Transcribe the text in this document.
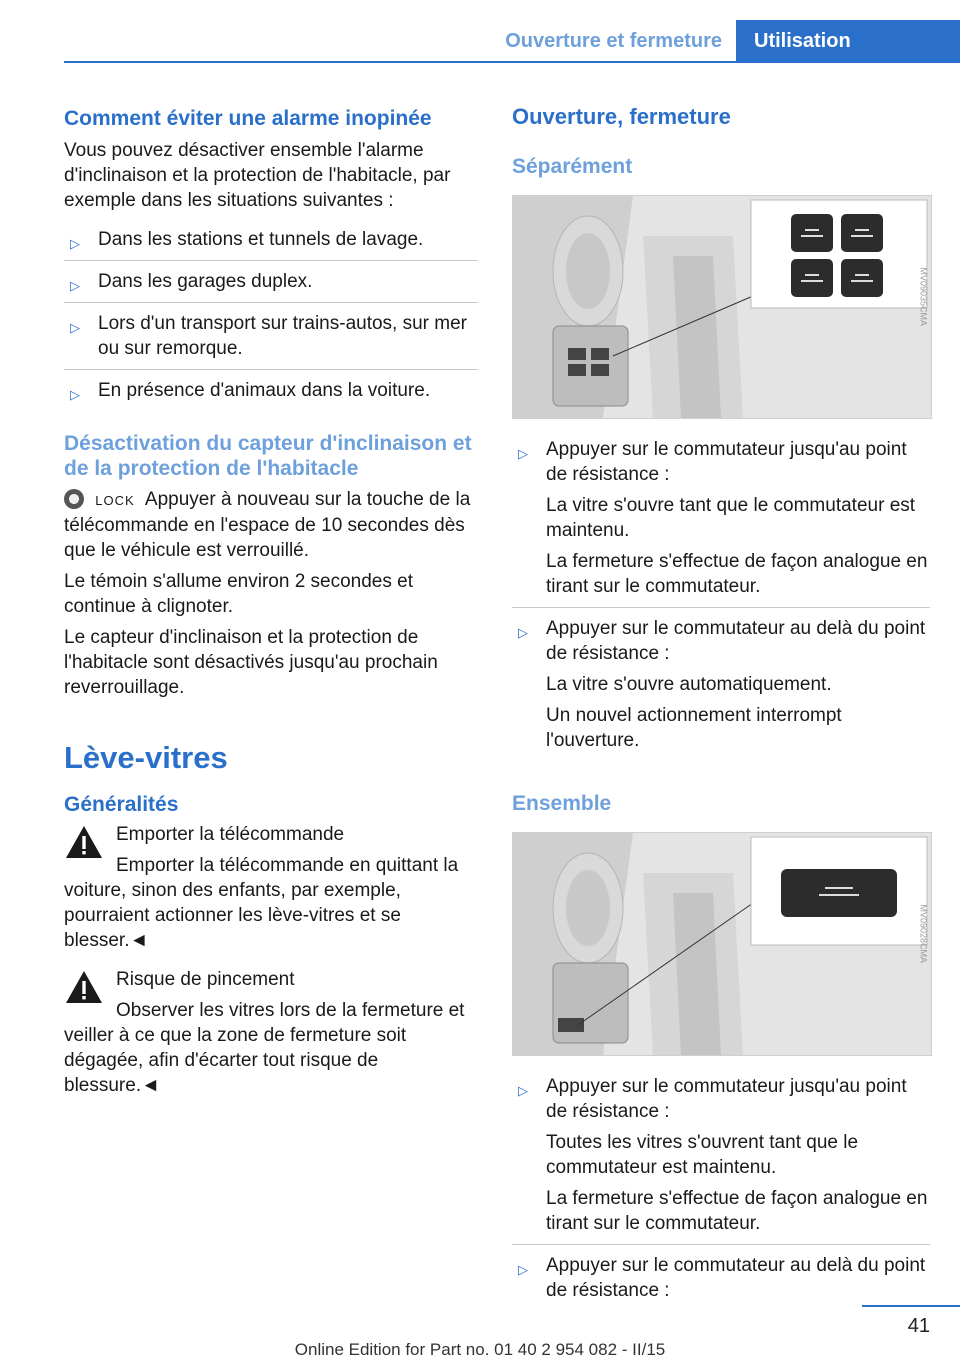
Ouverture et fermeture Utilisation
Comment éviter une alarme inopinée

Vous pouvez désactiver ensemble l'alarme d'inclinaison et la protection de l'habitacle, par exemple dans les situations suivantes :

▷ Dans les stations et tunnels de lavage.
▷ Dans les garages duplex.
▷ Lors d'un transport sur trains-autos, sur mer ou sur remorque.
▷ En présence d'animaux dans la voiture.
Désactivation du capteur d'inclinaison et de la protection de l'habitacle

LOCK Appuyer à nouveau sur la touche de la télécommande en l'espace de 10 secondes dès que le véhicule est verrouillé.

Le témoin s'allume environ 2 secondes et continue à clignoter.

Le capteur d'inclinaison et la protection de l'habitacle sont désactivés jusqu'au prochain reverrouillage.

Lève-vitres
Généralités

Emporter la télécommande

Emporter la télécommande en quittant la voiture, sinon des enfants, par exemple, pourraient actionner les lève-vitres et se blesser.◄

Risque de pincement

Observer les vitres lors de la fermeture et veiller à ce que la zone de fermeture soit dégagée, afin d'écarter tout risque de blessure.◄

Ouverture, fermeture
Séparément
MV09035CMA
▷ Appuyer sur le commutateur jusqu'au point de résistance :
La vitre s'ouvre tant que le commutateur est maintenu.
La fermeture s'effectue de façon analogue en tirant sur le commutateur.
▷ Appuyer sur le commutateur au delà du point de résistance :
La vitre s'ouvre automatiquement.
Un nouvel actionnement interrompt l'ouverture.
Ensemble
MV09028CMA
▷ Appuyer sur le commutateur jusqu'au point de résistance :
Toutes les vitres s'ouvrent tant que le commutateur est maintenu.
La fermeture s'effectue de façon analogue en tirant sur le commutateur.
▷ Appuyer sur le commutateur au delà du point de résistance :
41
Online Edition for Part no. 01 40 2 954 082 - II/15
